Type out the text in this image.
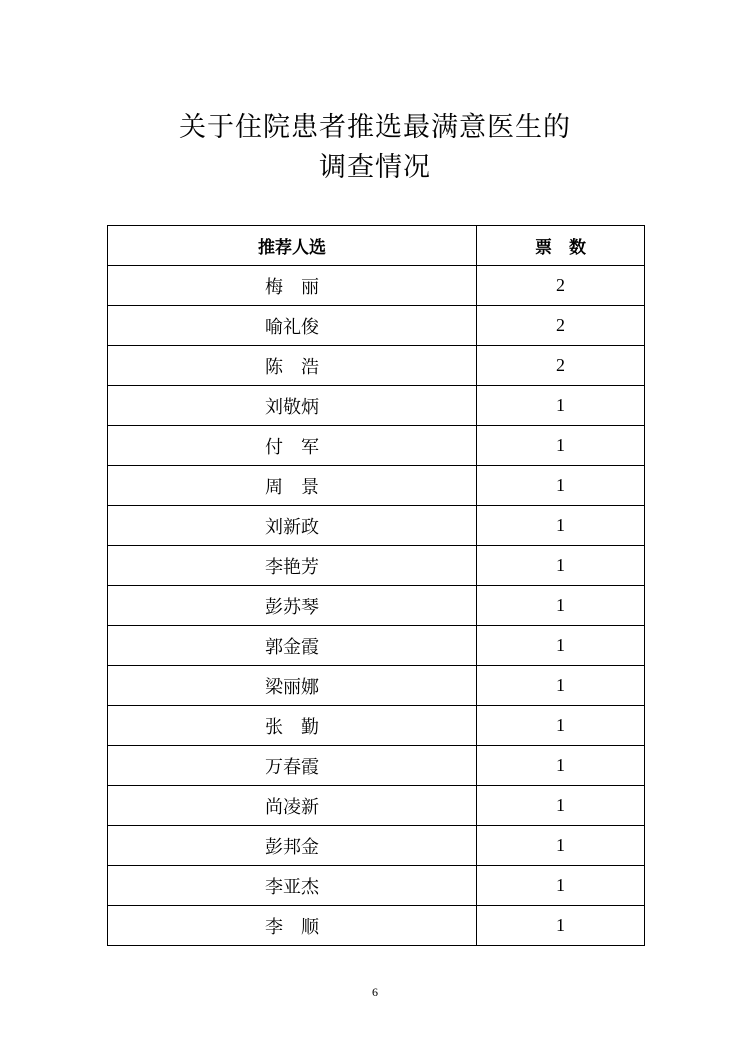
关于住院患者推选最满意医生的
调查情况
推荐人选	票　数
梅　丽	2
喻礼俊	2
陈　浩	2
刘敬炳	1
付　军	1
周　景	1
刘新政	1
李艳芳	1
彭苏琴	1
郭金霞	1
梁丽娜	1
张　勤	1
万春霞	1
尚凌新	1
彭邦金	1
李亚杰	1
李　顺	1
6
